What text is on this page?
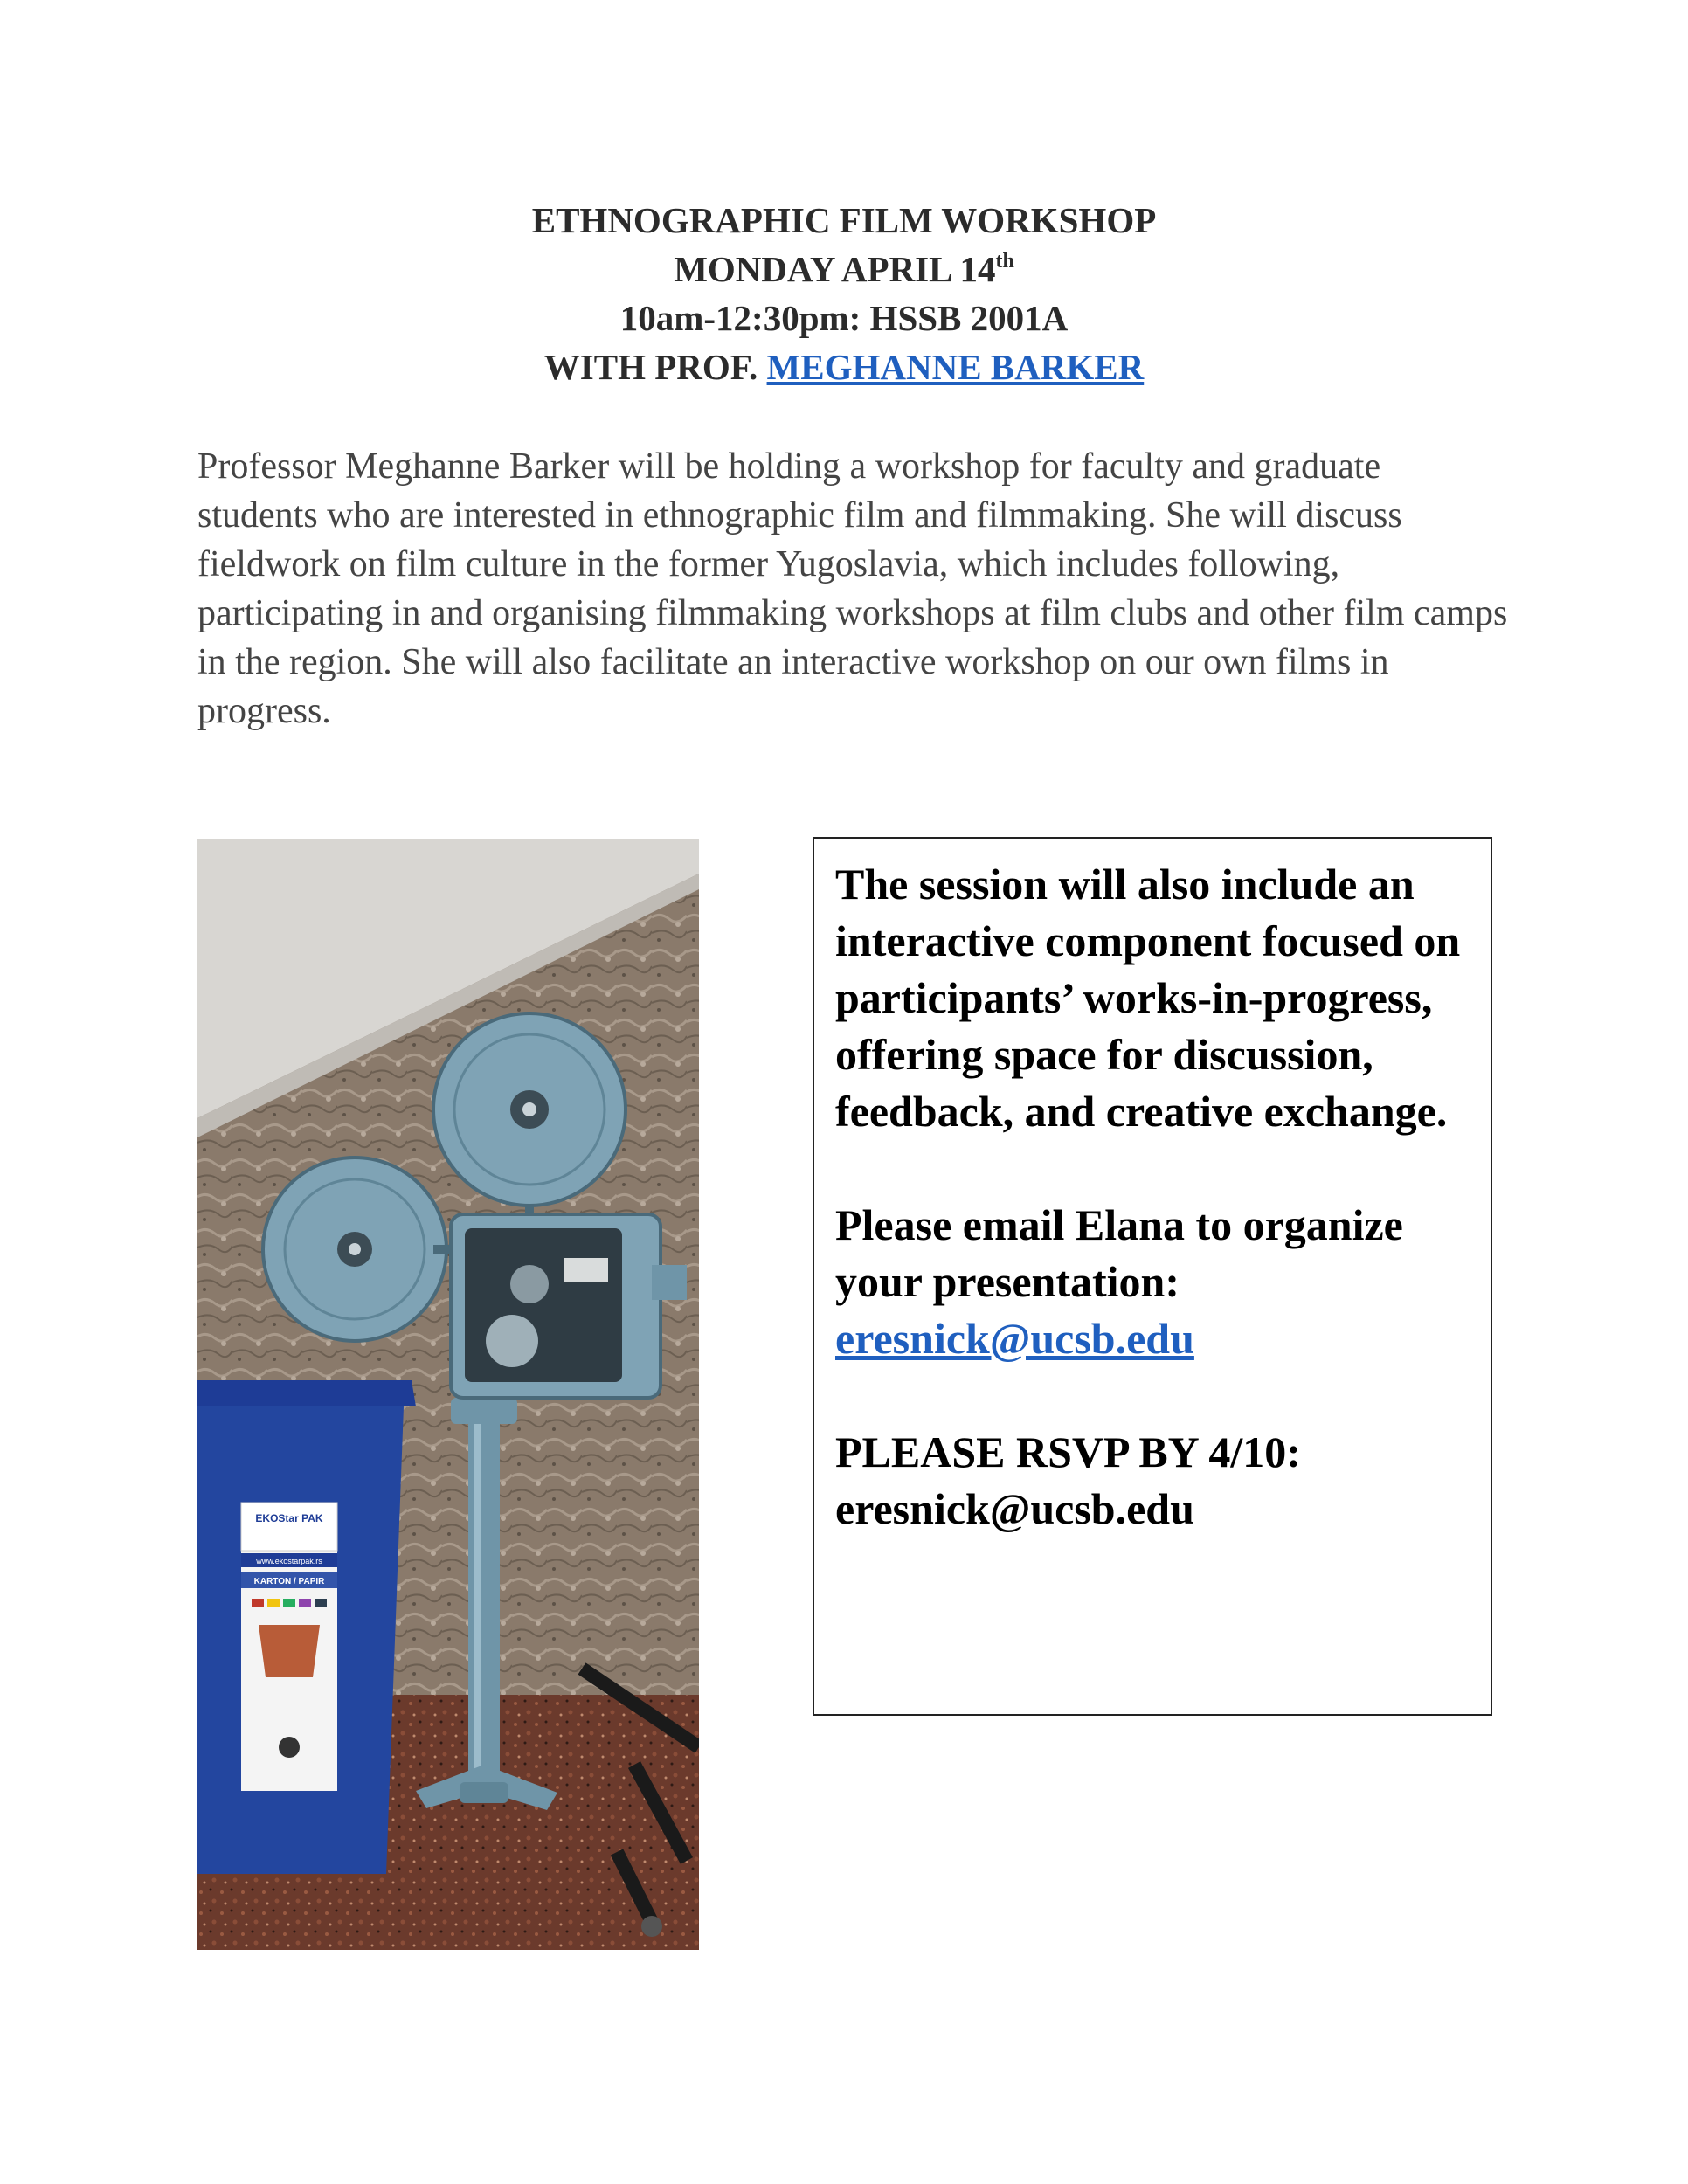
ETHNOGRAPHIC FILM WORKSHOP
MONDAY APRIL 14th
10am-12:30pm: HSSB 2001A
WITH PROF. MEGHANNE BARKER

Professor Meghanne Barker will be holding a workshop for faculty and graduate students who are interested in ethnographic film and filmmaking. She will discuss fieldwork on film culture in the former Yugoslavia, which includes following, participating in and organising filmmaking workshops at film clubs and other film camps in the region. She will also facilitate an interactive workshop on our own films in progress.

EKOStar PAK
www.ekostarpak.rs
KARTON / PAPIR

The session will also include an interactive component focused on participants’ works-in-progress, offering space for discussion, feedback, and creative exchange.

Please email Elana to organize your presentation:
eresnick@ucsb.edu

PLEASE RSVP BY 4/10:
eresnick@ucsb.edu
